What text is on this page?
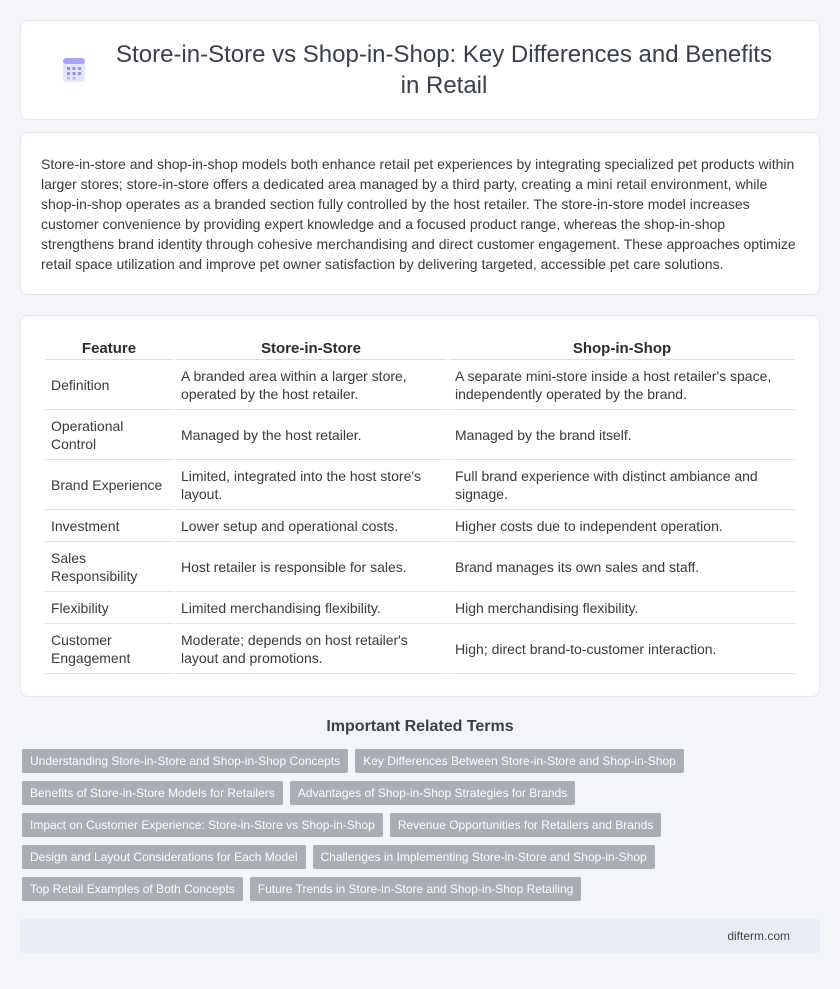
Store-in-Store vs Shop-in-Shop: Key Differences and Benefits in Retail

Store-in-store and shop-in-shop models both enhance retail pet experiences by integrating specialized pet products within larger stores; store-in-store offers a dedicated area managed by a third party, creating a mini retail environment, while shop-in-shop operates as a branded section fully controlled by the host retailer. The store-in-store model increases customer convenience by providing expert knowledge and a focused product range, whereas the shop-in-shop strengthens brand identity through cohesive merchandising and direct customer engagement. These approaches optimize retail space utilization and improve pet owner satisfaction by delivering targeted, accessible pet care solutions.

Feature	Store-in-Store	Shop-in-Shop
Definition	A branded area within a larger store, operated by the host retailer.	A separate mini-store inside a host retailer's space, independently operated by the brand.
Operational Control	Managed by the host retailer.	Managed by the brand itself.
Brand Experience	Limited, integrated into the host store's layout.	Full brand experience with distinct ambiance and signage.
Investment	Lower setup and operational costs.	Higher costs due to independent operation.
Sales Responsibility	Host retailer is responsible for sales.	Brand manages its own sales and staff.
Flexibility	Limited merchandising flexibility.	High merchandising flexibility.
Customer Engagement	Moderate; depends on host retailer's layout and promotions.	High; direct brand-to-customer interaction.
Important Related Terms
Understanding Store-in-Store and Shop-in-Shop Concepts	Key Differences Between Store-in-Store and Shop-in-Shop
Benefits of Store-in-Store Models for Retailers	Advantages of Shop-in-Shop Strategies for Brands
Impact on Customer Experience: Store-in-Store vs Shop-in-Shop	Revenue Opportunities for Retailers and Brands
Design and Layout Considerations for Each Model	Challenges in Implementing Store-in-Store and Shop-in-Shop
Top Retail Examples of Both Concepts	Future Trends in Store-in-Store and Shop-in-Shop Retailing
difterm.com
